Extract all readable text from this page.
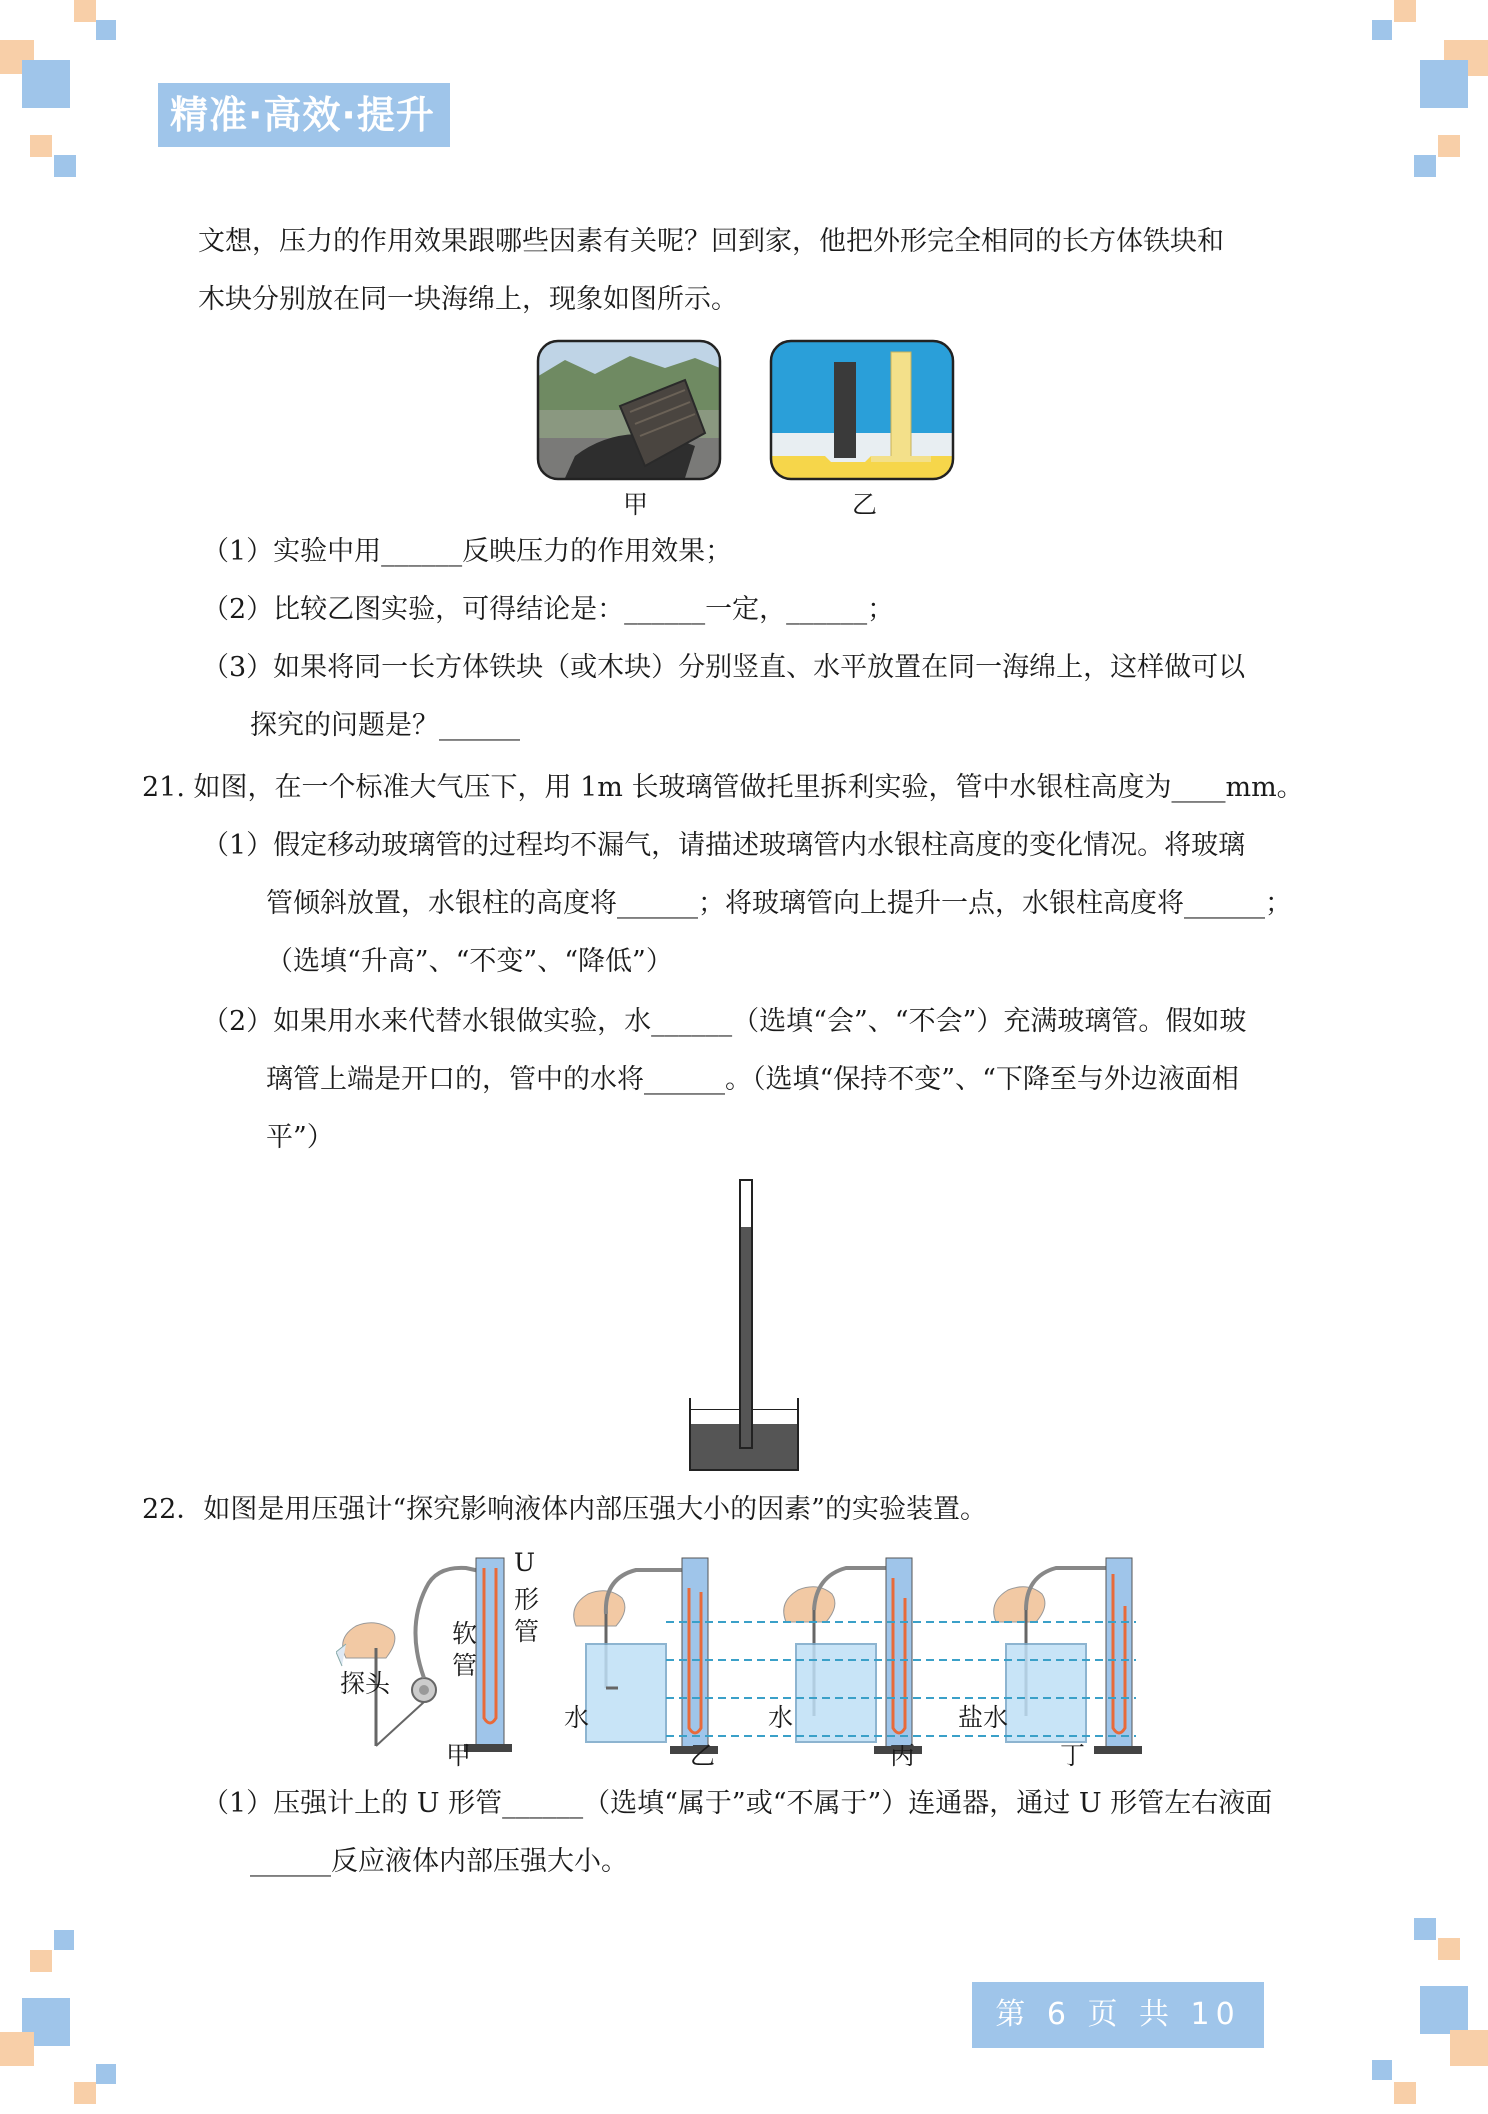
精准·高效·提升
文想，压力的作用效果跟哪些因素有关呢？回到家，他把外形完全相同的长方体铁块和
木块分别放在同一块海绵上，现象如图所示。
甲	乙
（1）实验中用______反映压力的作用效果；
（2）比较乙图实验，可得结论是：______一定，______；
（3）如果将同一长方体铁块（或木块）分别竖直、水平放置在同一海绵上，这样做可以
探究的问题是？______
21. 如图，在一个标准大气压下，用 1m 长玻璃管做托里拆利实验，管中水银柱高度为____mm。
（1）假定移动玻璃管的过程均不漏气，请描述玻璃管内水银柱高度的变化情况。将玻璃
管倾斜放置，水银柱的高度将______；将玻璃管向上提升一点，水银柱高度将______；
（选填“升高”、“不变”、“降低”）
（2）如果用水来代替水银做实验，水______（选填“会”、“不会”）充满玻璃管。假如玻
璃管上端是开口的，管中的水将______。（选填“保持不变”、“下降至与外边液面相
平”）
22．如图是用压强计“探究影响液体内部压强大小的因素”的实验装置。
U
形
管
软
管
探头
水	水	盐水
甲	乙	丙	丁
（1）压强计上的 U 形管______（选填“属于”或“不属于”）连通器，通过 U 形管左右液面
______反应液体内部压强大小。
第 6 页 共 10 页
